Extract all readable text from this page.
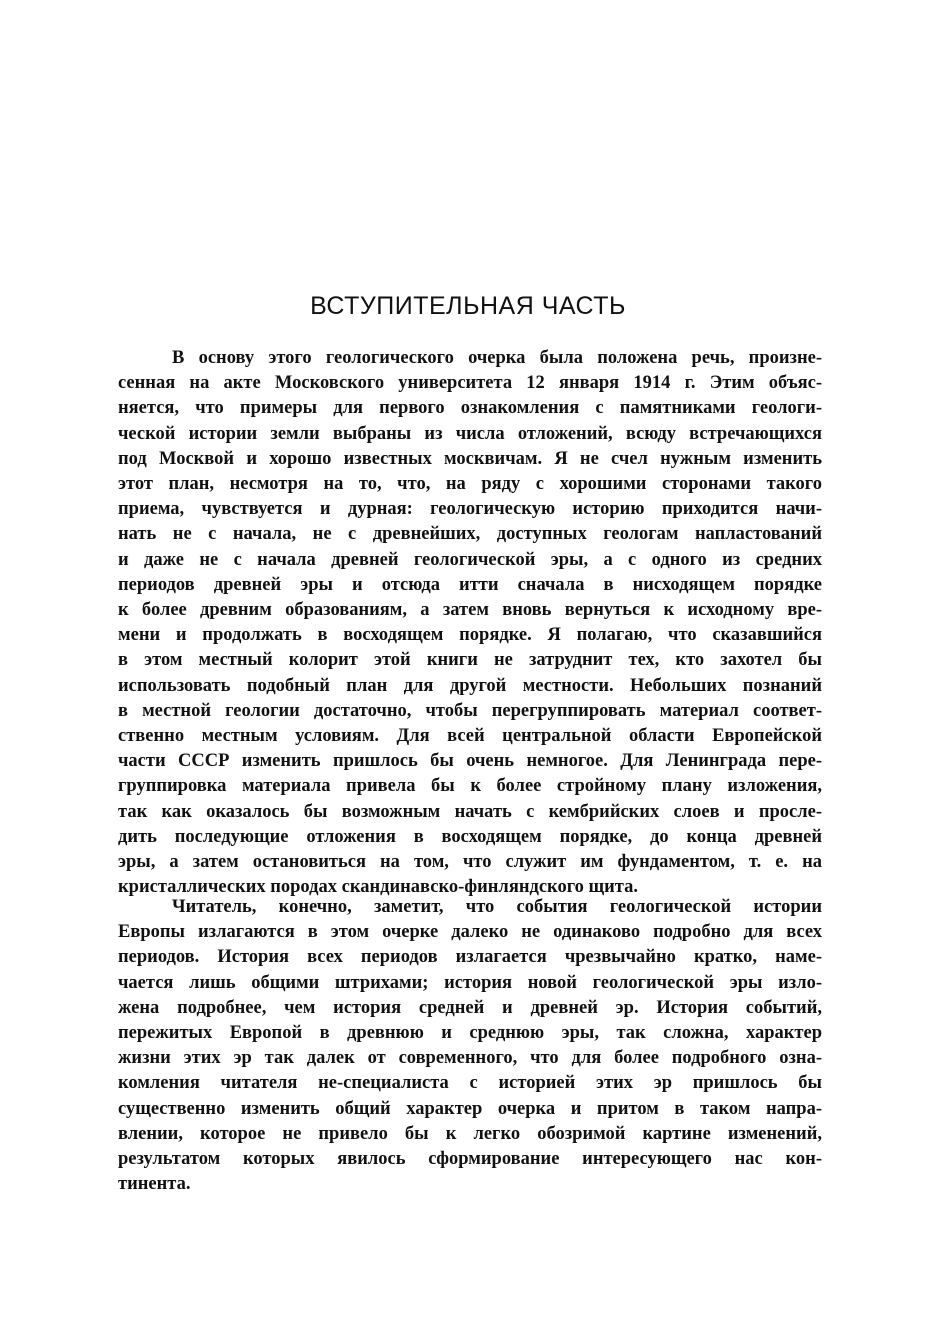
ВСТУПИТЕЛЬНАЯ ЧАСТЬ
В основу этого геологического очерка была положена речь, произне-
сенная на акте Московского университета 12 января 1914 г. Этим объяс-
няется, что примеры для первого ознакомления с памятниками геологи-
ческой истории земли выбраны из числа отложений, всюду встречающихся
под Москвой и хорошо известных москвичам. Я не счел нужным изменить
этот план, несмотря на то, что, на ряду с хорошими сторонами такого
приема, чувствуется и дурная: геологическую историю приходится начи-
нать не с начала, не с древнейших, доступных геологам напластований
и даже не с начала древней геологической эры, а с одного из средних
периодов древней эры и отсюда итти сначала в нисходящем порядке
к более древним образованиям, а затем вновь вернуться к исходному вре-
мени и продолжать в восходящем порядке. Я полагаю, что сказавшийся
в этом местный колорит этой книги не затруднит тех, кто захотел бы
использовать подобный план для другой местности. Небольших познаний
в местной геологии достаточно, чтобы перегруппировать материал соответ-
ственно местным условиям. Для всей центральной области Европейской
части СССР изменить пришлось бы очень немногое. Для Ленинграда пере-
группировка материала привела бы к более стройному плану изложения,
так как оказалось бы возможным начать с кембрийских слоев и просле-
дить последующие отложения в восходящем порядке, до конца древней
эры, а затем остановиться на том, что служит им фундаментом, т. е. на
кристаллических породах скандинавско-финляндского щита.
Читатель, конечно, заметит, что события геологической истории
Европы излагаются в этом очерке далеко не одинаково подробно для всех
периодов. История всех периодов излагается чрезвычайно кратко, наме-
чается лишь общими штрихами; история новой геологической эры изло-
жена подробнее, чем история средней и древней эр. История событий,
пережитых Европой в древнюю и среднюю эры, так сложна, характер
жизни этих эр так далек от современного, что для более подробного озна-
комления читателя не-специалиста с историей этих эр пришлось бы
существенно изменить общий характер очерка и притом в таком напра-
влении, которое не привело бы к легко обозримой картине изменений,
результатом которых явилось сформирование интересующего нас кон-
тинента.
